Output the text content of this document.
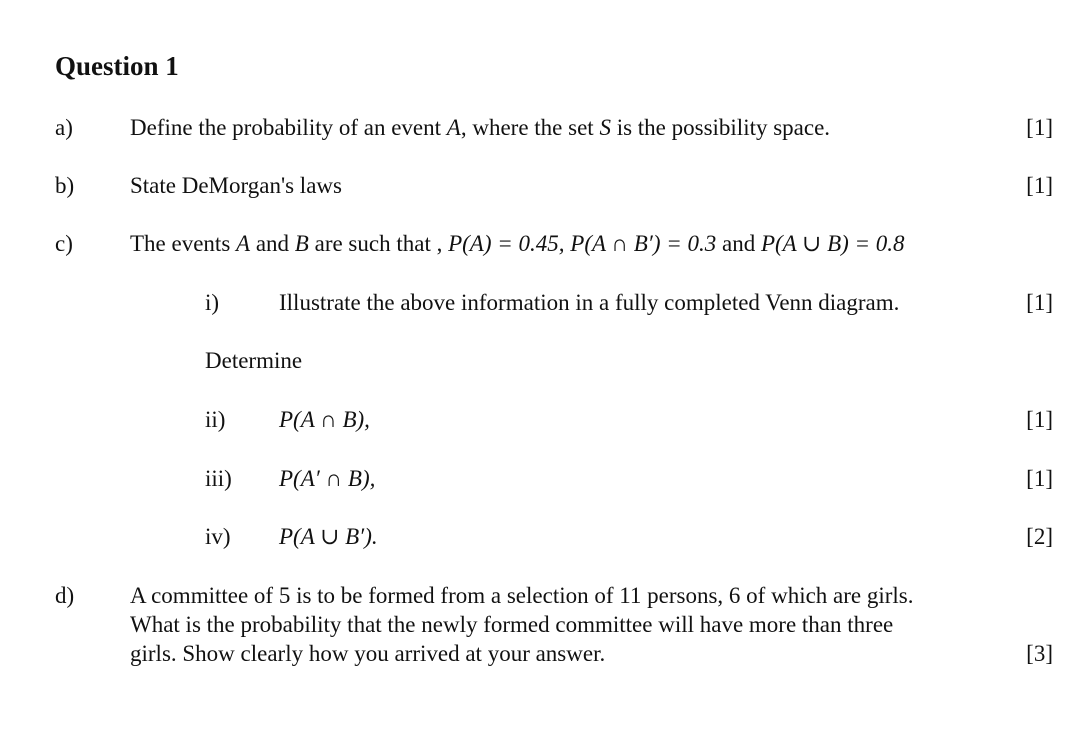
Question 1
a) Define the probability of an event A, where the set S is the possibility space.	[1]
b) State DeMorgan's laws	[1]
c) The events A and B are such that , P(A) = 0.45, P(A ∩ B′) = 0.3 and P(A ∪ B) = 0.8
i)	Illustrate the above information in a fully completed Venn diagram.	[1]
Determine
ii) P(A ∩ B),	[1]
iii) P(A′ ∩ B),	[1]
iv) P(A ∪ B′).	[2]
d) A committee of 5 is to be formed from a selection of 11 persons, 6 of which are girls.
What is the probability that the newly formed committee will have more than three
girls. Show clearly how you arrived at your answer.	[3]
